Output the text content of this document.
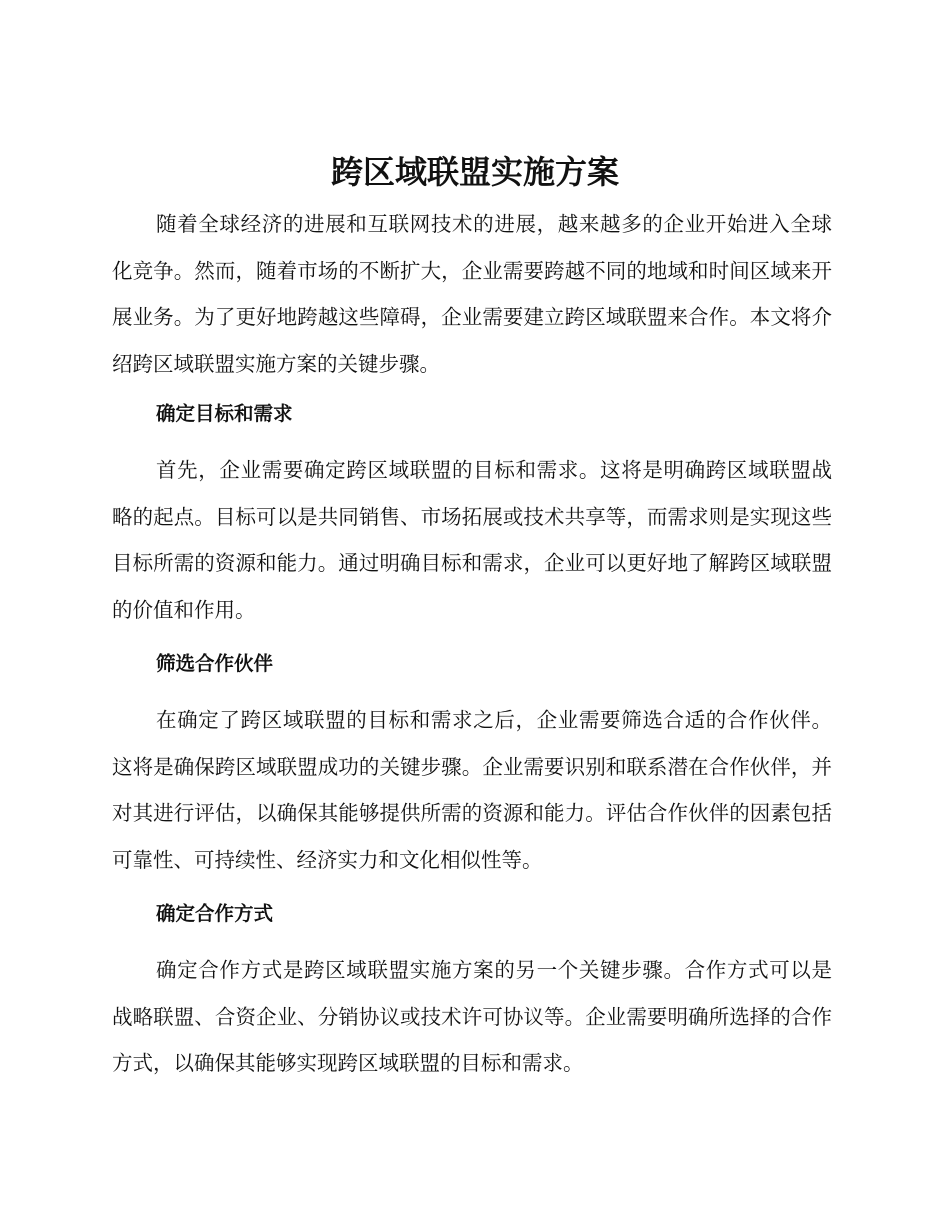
跨区域联盟实施方案

随着全球经济的进展和互联网技术的进展，越来越多的企业开始进入全球化竞争。然而，随着市场的不断扩大，企业需要跨越不同的地域和时间区域来开展业务。为了更好地跨越这些障碍，企业需要建立跨区域联盟来合作。本文将介绍跨区域联盟实施方案的关键步骤。

确定目标和需求

首先，企业需要确定跨区域联盟的目标和需求。这将是明确跨区域联盟战略的起点。目标可以是共同销售、市场拓展或技术共享等，而需求则是实现这些目标所需的资源和能力。通过明确目标和需求，企业可以更好地了解跨区域联盟的价值和作用。

筛选合作伙伴

在确定了跨区域联盟的目标和需求之后，企业需要筛选合适的合作伙伴。这将是确保跨区域联盟成功的关键步骤。企业需要识别和联系潜在合作伙伴，并对其进行评估，以确保其能够提供所需的资源和能力。评估合作伙伴的因素包括可靠性、可持续性、经济实力和文化相似性等。

确定合作方式

确定合作方式是跨区域联盟实施方案的另一个关键步骤。合作方式可以是战略联盟、合资企业、分销协议或技术许可协议等。企业需要明确所选择的合作方式，以确保其能够实现跨区域联盟的目标和需求。
